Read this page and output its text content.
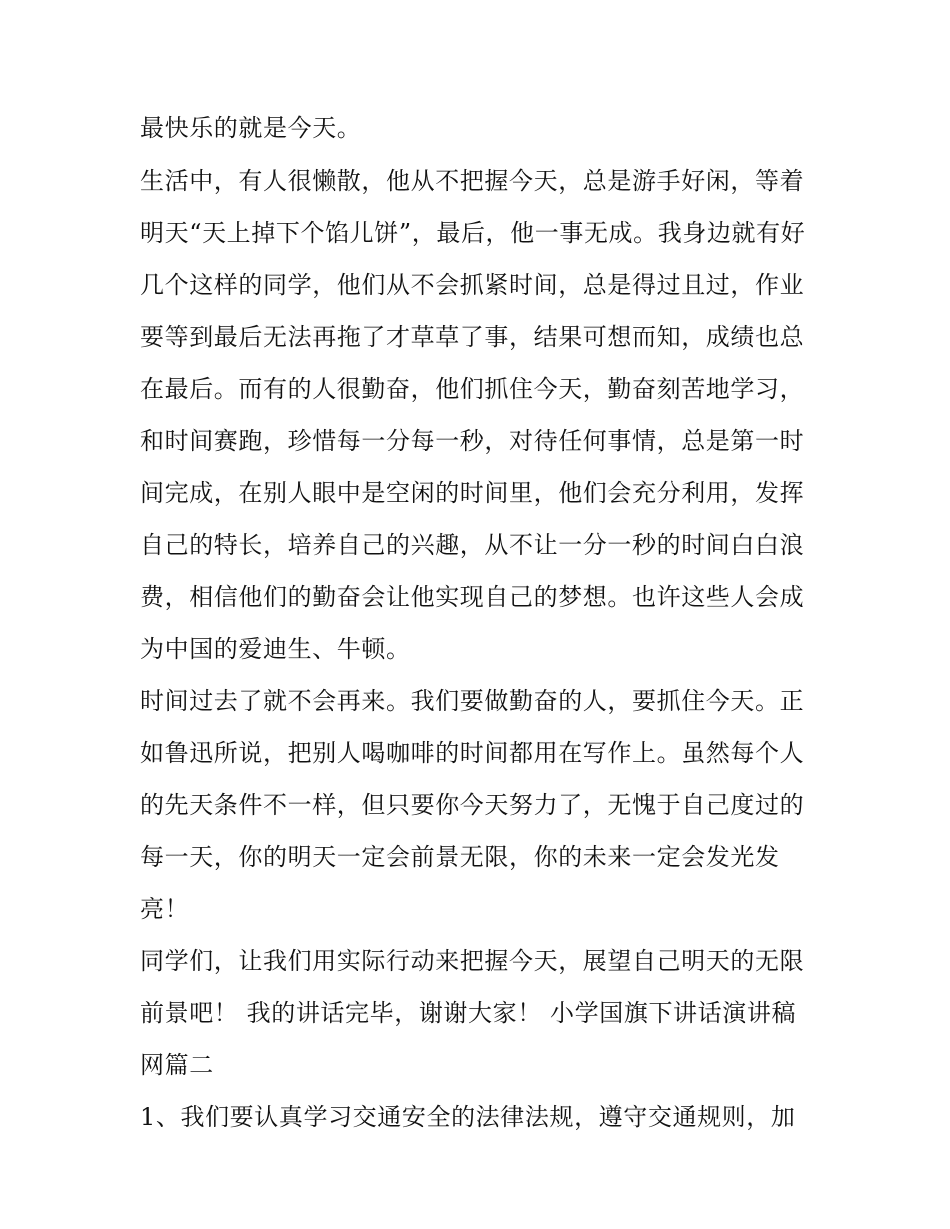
最快乐的就是今天。

生活中，有人很懒散，他从不把握今天，总是游手好闲，等着

明天“天上掉下个馅儿饼”，最后，他一事无成。我身边就有好

几个这样的同学，他们从不会抓紧时间，总是得过且过，作业

要等到最后无法再拖了才草草了事，结果可想而知，成绩也总

在最后。而有的人很勤奋，他们抓住今天，勤奋刻苦地学习，

和时间赛跑，珍惜每一分每一秒，对待任何事情，总是第一时

间完成，在别人眼中是空闲的时间里，他们会充分利用，发挥

自己的特长，培养自己的兴趣，从不让一分一秒的时间白白浪

费，相信他们的勤奋会让他实现自己的梦想。也许这些人会成

为中国的爱迪生、牛顿。

时间过去了就不会再来。我们要做勤奋的人，要抓住今天。正

如鲁迅所说，把别人喝咖啡的时间都用在写作上。虽然每个人

的先天条件不一样，但只要你今天努力了，无愧于自己度过的

每一天，你的明天一定会前景无限，你的未来一定会发光发

亮！

同学们，让我们用实际行动来把握今天，展望自己明天的无限

前景吧！ 我的讲话完毕，谢谢大家！ 小学国旗下讲话演讲稿

网篇二

1、我们要认真学习交通安全的法律法规，遵守交通规则，加
